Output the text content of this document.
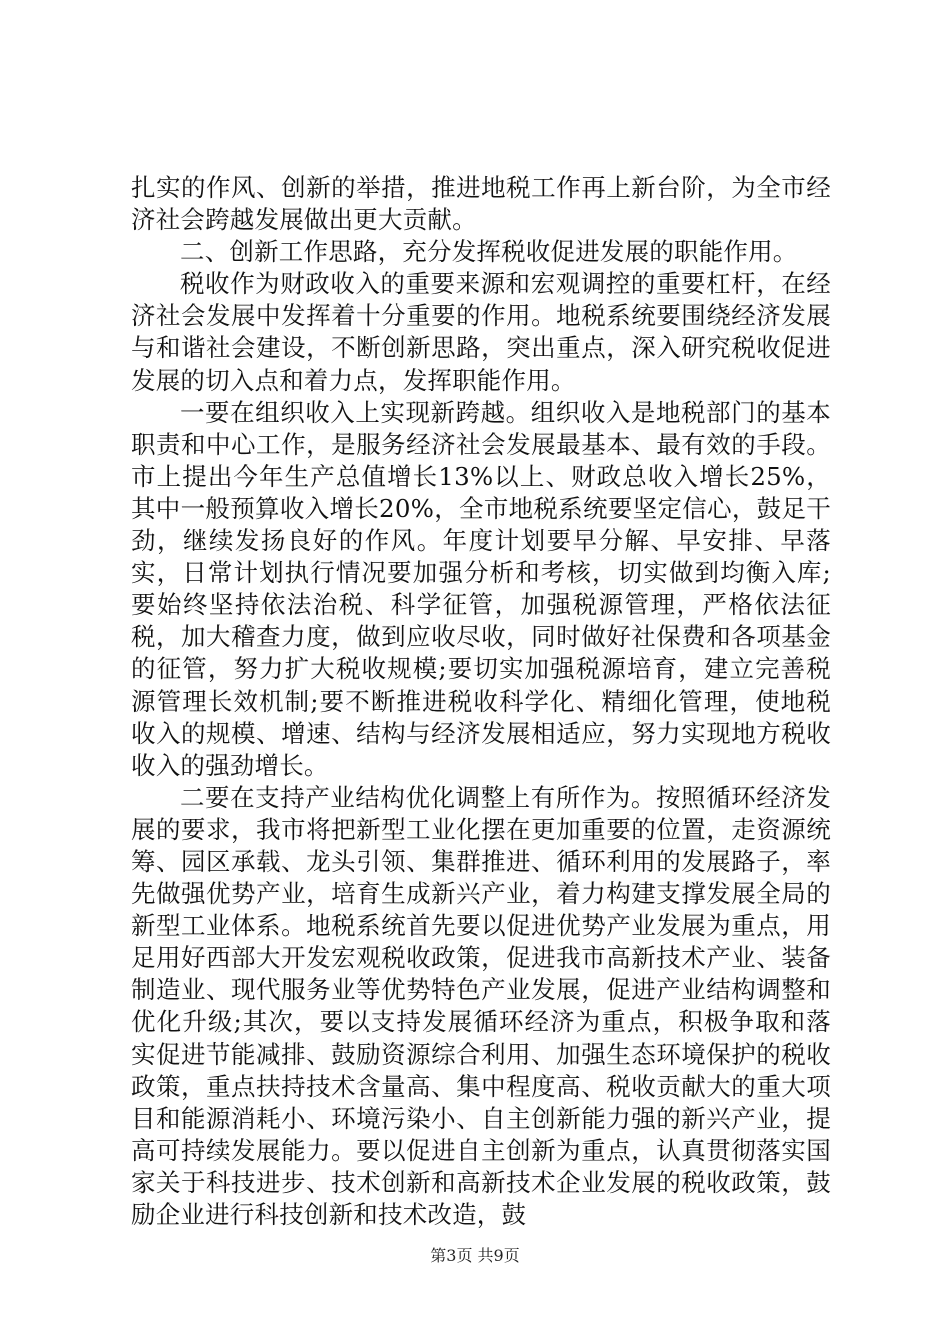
扎实的作风、创新的举措，推进地税工作再上新台阶，为全市经济社会跨越发展做出更大贡献。

二、创新工作思路，充分发挥税收促进发展的职能作用。

税收作为财政收入的重要来源和宏观调控的重要杠杆，在经济社会发展中发挥着十分重要的作用。地税系统要围绕经济发展与和谐社会建设，不断创新思路，突出重点，深入研究税收促进发展的切入点和着力点，发挥职能作用。

一要在组织收入上实现新跨越。组织收入是地税部门的基本职责和中心工作，是服务经济社会发展最基本、最有效的手段。市上提出今年生产总值增长13%以上、财政总收入增长25%，其中一般预算收入增长20%，全市地税系统要坚定信心，鼓足干劲，继续发扬良好的作风。年度计划要早分解、早安排、早落实，日常计划执行情况要加强分析和考核，切实做到均衡入库;要始终坚持依法治税、科学征管，加强税源管理，严格依法征税，加大稽查力度，做到应收尽收，同时做好社保费和各项基金的征管，努力扩大税收规模;要切实加强税源培育，建立完善税源管理长效机制;要不断推进税收科学化、精细化管理，使地税收入的规模、增速、结构与经济发展相适应，努力实现地方税收收入的强劲增长。

二要在支持产业结构优化调整上有所作为。按照循环经济发展的要求，我市将把新型工业化摆在更加重要的位置，走资源统筹、园区承载、龙头引领、集群推进、循环利用的发展路子，率先做强优势产业，培育生成新兴产业，着力构建支撑发展全局的新型工业体系。地税系统首先要以促进优势产业发展为重点，用足用好西部大开发宏观税收政策，促进我市高新技术产业、装备制造业、现代服务业等优势特色产业发展，促进产业结构调整和优化升级;其次，要以支持发展循环经济为重点，积极争取和落实促进节能减排、鼓励资源综合利用、加强生态环境保护的税收政策，重点扶持技术含量高、集中程度高、税收贡献大的重大项目和能源消耗小、环境污染小、自主创新能力强的新兴产业，提高可持续发展能力。要以促进自主创新为重点，认真贯彻落实国家关于科技进步、技术创新和高新技术企业发展的税收政策，鼓励企业进行科技创新和技术改造，鼓

第3页 共9页
